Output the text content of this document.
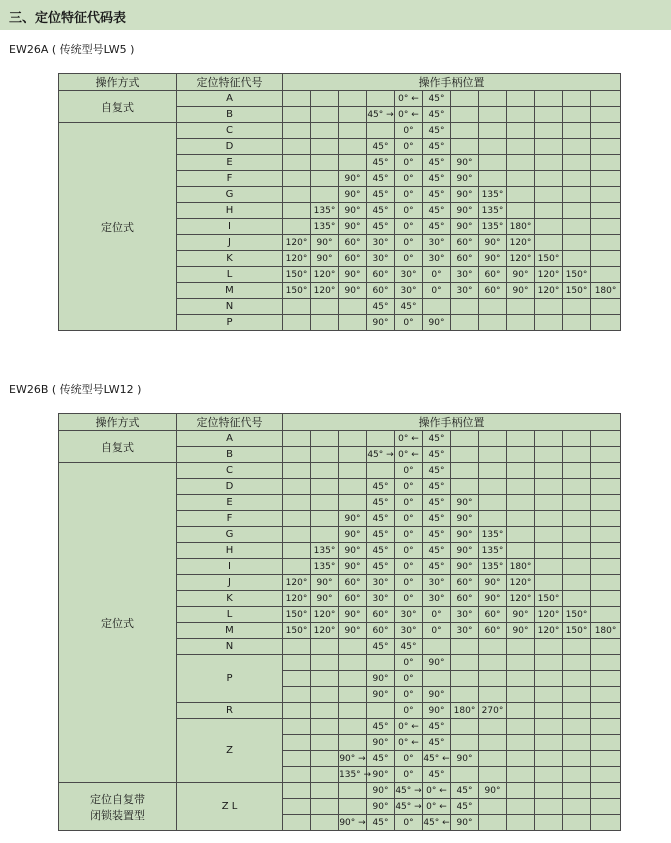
三、定位特征代码表
EW26A ( 传统型号LW5 )
操作方式	定位特征代号	操作手柄位置											
自复式	A					0° ←	45°						
	B				45° →	0° ←	45°						
定位式	C					0°	45°						
	D				45°	0°	45°						
	E				45°	0°	45°	90°					
	F			90°	45°	0°	45°	90°					
	G			90°	45°	0°	45°	90°	135°				
	H		135°	90°	45°	0°	45°	90°	135°				
	I		135°	90°	45°	0°	45°	90°	135°	180°			
	J	120°	90°	60°	30°	0°	30°	60°	90°	120°			
	K	120°	90°	60°	30°	0°	30°	60°	90°	120°	150°		
	L	150°	120°	90°	60°	30°	0°	30°	60°	90°	120°	150°	
	M	150°	120°	90°	60°	30°	0°	30°	60°	90°	120°	150°	180°
	N				45°	45°							
	P				90°	0°	90°						
EW26B ( 传统型号LW12 )
操作方式	定位特征代号	操作手柄位置											
自复式	A					0° ←	45°						
	B				45° →	0° ←	45°						
定位式	C					0°	45°						
	D				45°	0°	45°						
	E				45°	0°	45°	90°					
	F			90°	45°	0°	45°	90°					
	G			90°	45°	0°	45°	90°	135°				
	H		135°	90°	45°	0°	45°	90°	135°				
	I		135°	90°	45°	0°	45°	90°	135°	180°			
	J	120°	90°	60°	30°	0°	30°	60°	90°	120°			
	K	120°	90°	60°	30°	0°	30°	60°	90°	120°	150°		
	L	150°	120°	90°	60°	30°	0°	30°	60°	90°	120°	150°	
	M	150°	120°	90°	60°	30°	0°	30°	60°	90°	120°	150°	180°
	N				45°	45°							
	P					0°	90°						
					90°	0°							
					90°	0°	90°						
	R					0°	90°	180°	270°				
	Z				45°	0° ←	45°						
					90°	0° ←	45°						
				90° →	45°	0°	45° ←	90°					
				135° →	90°	0°	45°						
定位自复带
闭锁装置型	Z L				90°	45° →	0° ←	45°	90°				
					90°	45° →	0° ←	45°					
				90° →	45°	0°	45° ←	90°					
